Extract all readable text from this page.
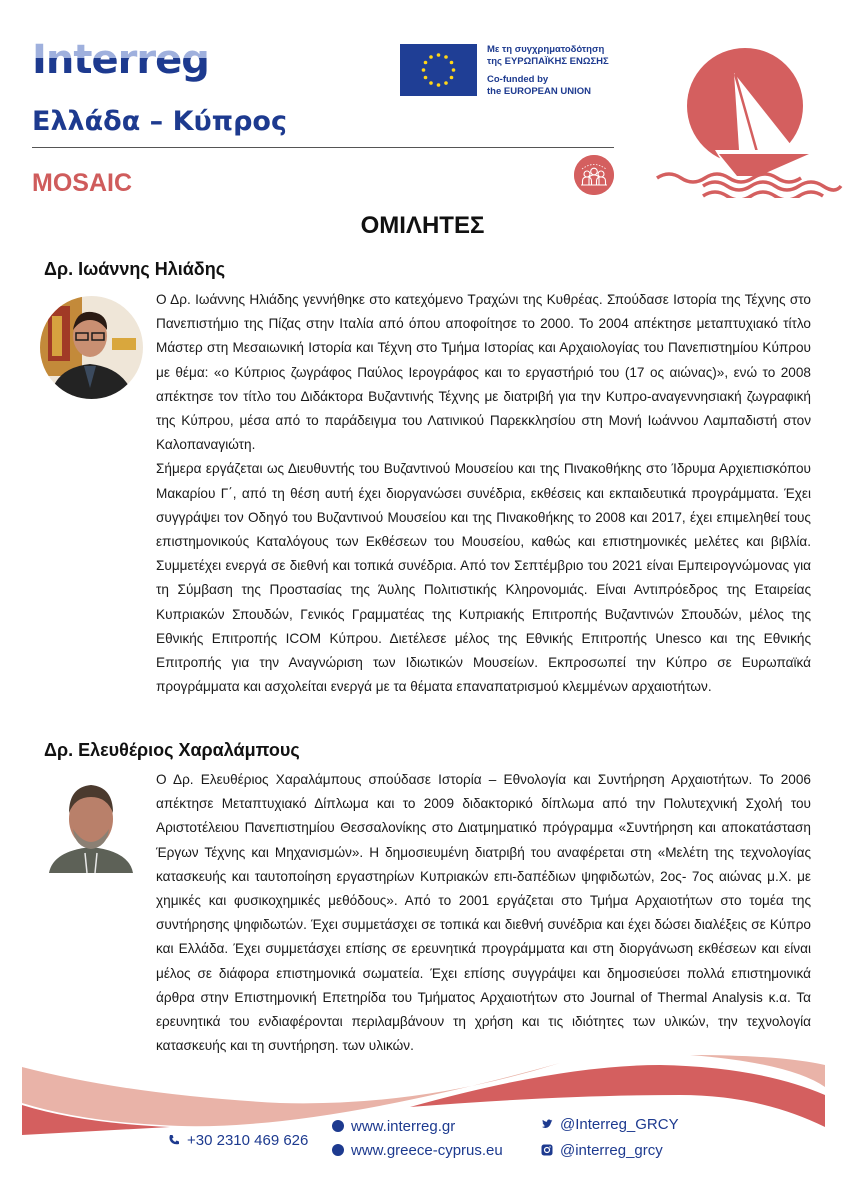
Interreg
Ελλάδα – Κύπρος
MOSAIC
Με τη συγχρηματοδότηση
της ΕΥΡΩΠΑΪΚΗΣ ΕΝΩΣΗΣ
Co-funded by
the EUROPEAN UNION
ΟΜΙΛΗΤΕΣ
Δρ. Ιωάννης Ηλιάδης

Ο Δρ. Ιωάννης Ηλιάδης γεννήθηκε στο κατεχόμενο Τραχώνι της Κυθρέας. Σπούδασε Ιστορία της Τέχνης στο Πανεπιστήμιο της Πίζας στην Ιταλία από όπου αποφοίτησε το 2000. Το 2004 απέκτησε μεταπτυχιακό τίτλο Μάστερ στη Μεσαιωνική Ιστορία και Τέχνη στο Τμήμα Ιστορίας και Αρχαιολογίας του Πανεπιστημίου Κύπρου με θέμα: «ο Κύπριος ζωγράφος Παύλος Ιερογράφος και το εργαστήριό του (17 ος αιώνας)», ενώ το 2008 απέκτησε τον τίτλο του Διδάκτορα Βυζαντινής Τέχνης με διατριβή για την Κυπρο-αναγεννησιακή ζωγραφική της Κύπρου, μέσα από το παράδειγμα του Λατινικού Παρεκκλησίου στη Μονή Ιωάννου Λαμπαδιστή στον Καλοπαναγιώτη.

Σήμερα εργάζεται ως Διευθυντής του Βυζαντινού Μουσείου και της Πινακοθήκης στο Ίδρυμα Αρχιεπισκόπου Μακαρίου Γ΄, από τη θέση αυτή έχει διοργανώσει συνέδρια, εκθέσεις και εκπαιδευτικά προγράμματα. Έχει συγγράψει τον Οδηγό του Βυζαντινού Μουσείου και της Πινακοθήκης το 2008 και 2017, έχει επιμεληθεί τους επιστημονικούς Καταλόγους των Εκθέσεων του Μουσείου, καθώς και επιστημονικές μελέτες και βιβλία. Συμμετέχει ενεργά σε διεθνή και τοπικά συνέδρια. Από τον Σεπτέμβριο του 2021 είναι Εμπειρογνώμονας για τη Σύμβαση της Προστασίας της Άυλης Πολιτιστικής Κληρονομιάς. Είναι Αντιπρόεδρος της Εταιρείας Κυπριακών Σπουδών, Γενικός Γραμματέας της Κυπριακής Επιτροπής Βυζαντινών Σπουδών, μέλος της Εθνικής Επιτροπής ICOM Κύπρου. Διετέλεσε μέλος της Εθνικής Επιτροπής Unesco και της Εθνικής Επιτροπής για την Αναγνώριση των Ιδιωτικών Μουσείων. Εκπροσωπεί την Κύπρο σε Ευρωπαϊκά προγράμματα και ασχολείται ενεργά με τα θέματα επαναπατρισμού κλεμμένων αρχαιοτήτων.

Δρ. Ελευθέριος Χαραλάμπους

Ο Δρ. Ελευθέριος Χαραλάμπους σπούδασε Ιστορία – Εθνολογία και Συντήρηση Αρχαιοτήτων. Το 2006 απέκτησε Μεταπτυχιακό Δίπλωμα και το 2009 διδακτορικό δίπλωμα από την Πολυτεχνική Σχολή του Αριστοτέλειου Πανεπιστημίου Θεσσαλονίκης στο Διατμηματικό πρόγραμμα «Συντήρηση και αποκατάσταση Έργων Τέχνης και Μηχανισμών». Η δημοσιευμένη διατριβή του αναφέρεται στη «Μελέτη της τεχνολογίας κατασκευής και ταυτοποίηση εργαστηρίων Κυπριακών επι-δαπέδιων ψηφιδωτών, 2ος- 7ος αιώνας μ.Χ. με χημικές και φυσικοχημικές μεθόδους». Από το 2001 εργάζεται στο Τμήμα Αρχαιοτήτων στο τομέα της συντήρησης ψηφιδωτών. Έχει συμμετάσχει σε τοπικά και διεθνή συνέδρια και έχει δώσει διαλέξεις σε Κύπρο και Ελλάδα. Έχει συμμετάσχει επίσης σε ερευνητικά προγράμματα και στη διοργάνωση εκθέσεων και είναι μέλος σε διάφορα επιστημονικά σωματεία. Έχει επίσης συγγράψει και δημοσιεύσει πολλά επιστημονικά άρθρα στην Επιστημονική Επετηρίδα του Τμήματος Αρχαιοτήτων στο Journal of Thermal Analysis κ.α. Τα ερευνητικά του ενδιαφέρονται περιλαμβάνουν τη χρήση και τις ιδιότητες των υλικών, την τεχνολογία κατασκευής και τη συντήρηση. των υλικών.

+30 2310 469 626
www.interreg.gr
www.greece-cyprus.eu
@Interreg_GRCY
@interreg_grcy
